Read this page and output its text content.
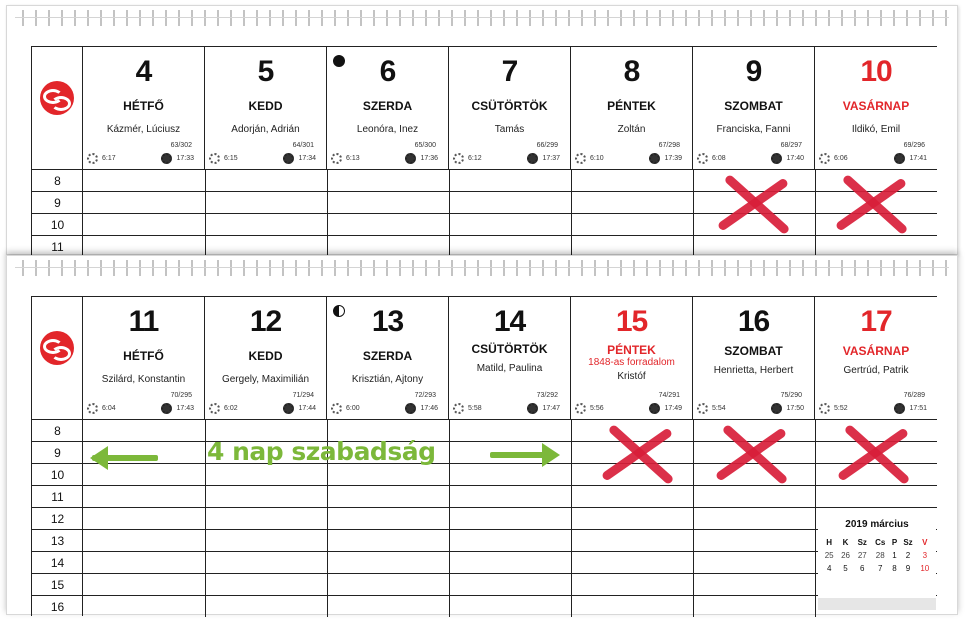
4
HÉTFŐ
Kázmér, Lúciusz
63/302
6:17	17:33
5
KEDD
Adorján, Adrián
64/301
6:15	17:34
6
SZERDA
Leonóra, Inez
65/300
6:13	17:36
7
CSÜTÖRTÖK
Tamás
66/299
6:12	17:37
8
PÉNTEK
Zoltán
67/298
6:10	17:39
9
SZOMBAT
Franciska, Fanni
68/297
6:08	17:40
10
VASÁRNAP
Ildikó, Emil
69/296
6:06	17:41
8
9
10
11
11
HÉTFŐ
Szilárd, Konstantin
70/295
6:04	17:43
12
KEDD
Gergely, Maximilián
71/294
6:02	17:44
13
SZERDA
Krisztián, Ajtony
72/293
6:00	17:46
14
CSÜTÖRTÖK
Matild, Paulina
73/292
5:58	17:47
15
PÉNTEK
1848-as forradalom
Kristóf
74/291
5:56	17:49
16
SZOMBAT
Henrietta, Herbert
75/290
5:54	17:50
17
VASÁRNAP
Gertrúd, Patrik
76/289
5:52	17:51
8
9
10
11
12
13
14
15
16
4 nap szabadság
2019 március
H	K	Sz	Cs	P	Sz	V
25	26	27	28	1	2	3
4	5	6	7	8	9	10
